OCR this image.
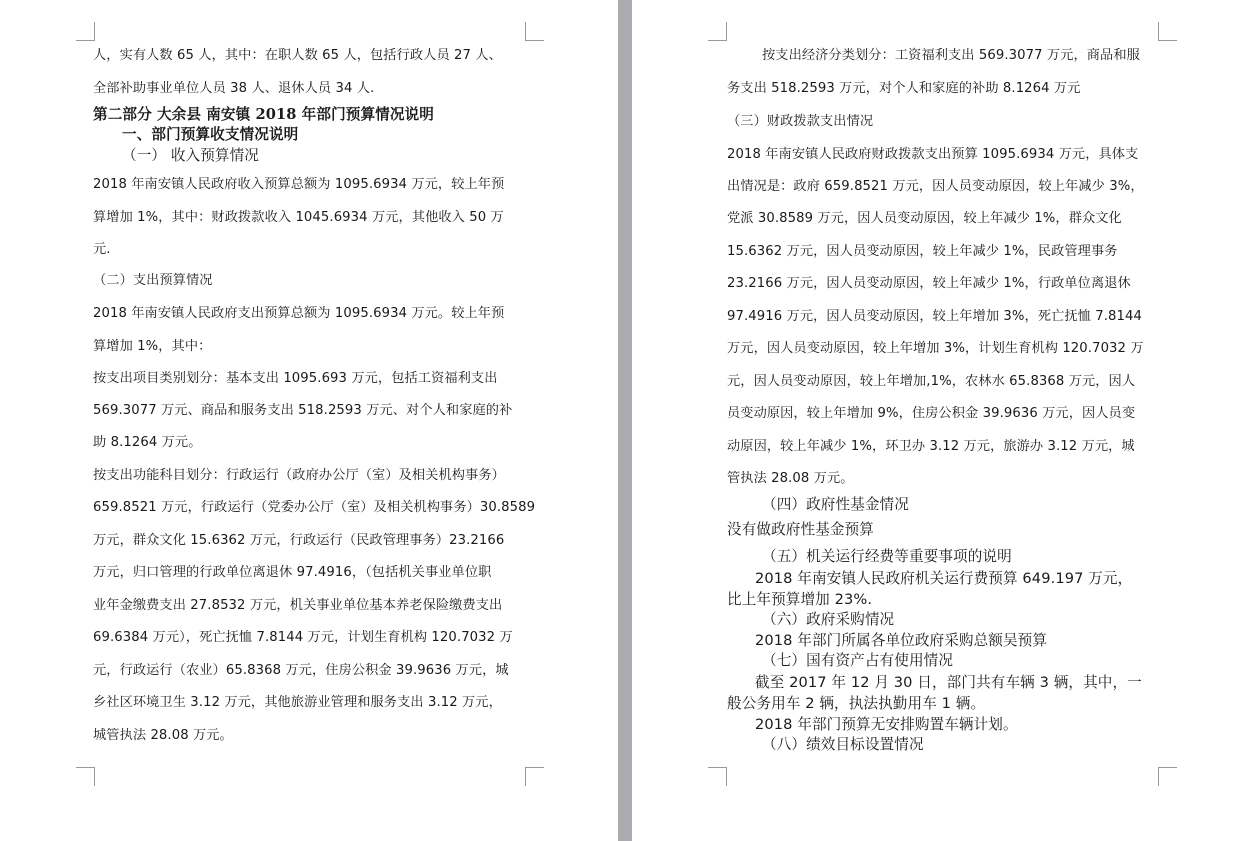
人，实有人数 65 人，其中：在职人数 65 人，包括行政人员 27 人、
全部补助事业单位人员 38 人、退休人员 34 人.
第二部分 大余县 南安镇 2018 年部门预算情况说明
一、部门预算收支情况说明
（一） 收入预算情况
2018 年南安镇人民政府收入预算总额为 1095.6934 万元，较上年预
算增加 1%，其中：财政拨款收入 1045.6934 万元，其他收入 50 万
元.
（二）支出预算情况
2018 年南安镇人民政府支出预算总额为 1095.6934 万元。较上年预
算增加 1%，其中：
按支出项目类别划分：基本支出 1095.693 万元，包括工资福利支出
569.3077 万元、商品和服务支出 518.2593 万元、对个人和家庭的补
助 8.1264 万元。
按支出功能科目划分：行政运行（政府办公厅（室）及相关机构事务）
659.8521 万元，行政运行（党委办公厅（室）及相关机构事务）30.8589
万元，群众文化 15.6362 万元，行政运行（民政管理事务）23.2166
万元，归口管理的行政单位离退休 97.4916，（包括机关事业单位职
业年金缴费支出 27.8532 万元，机关事业单位基本养老保险缴费支出
69.6384 万元），死亡抚恤 7.8144 万元，计划生育机构 120.7032 万
元，行政运行（农业）65.8368 万元，住房公积金 39.9636 万元，城
乡社区环境卫生 3.12 万元，其他旅游业管理和服务支出 3.12 万元，
城管执法 28.08 万元。
按支出经济分类划分：工资福利支出 569.3077 万元，商品和服
务支出 518.2593 万元，对个人和家庭的补助 8.1264 万元
（三）财政拨款支出情况
2018 年南安镇人民政府财政拨款支出预算 1095.6934 万元，具体支
出情况是：政府 659.8521 万元，因人员变动原因，较上年减少 3%，
党派 30.8589 万元，因人员变动原因，较上年减少 1%，群众文化
15.6362 万元，因人员变动原因，较上年减少 1%，民政管理事务
23.2166 万元，因人员变动原因，较上年减少 1%，行政单位离退休
97.4916 万元，因人员变动原因，较上年增加 3%，死亡抚恤 7.8144
万元，因人员变动原因，较上年增加 3%，计划生育机构 120.7032 万
元，因人员变动原因，较上年增加,1%，农林水 65.8368 万元，因人
员变动原因，较上年增加 9%，住房公积金 39.9636 万元，因人员变
动原因，较上年减少 1%，环卫办 3.12 万元，旅游办 3.12 万元，城
管执法 28.08 万元。
（四）政府性基金情况
没有做政府性基金预算
（五）机关运行经费等重要事项的说明
2018 年南安镇人民政府机关运行费预算 649.197 万元，
比上年预算增加 23%.
（六）政府采购情况
2018 年部门所属各单位政府采购总额吴预算
（七）国有资产占有使用情况
截至 2017 年 12 月 30 日，部门共有车辆 3 辆，其中，一
般公务用车 2 辆，执法执勤用车 1 辆。
2018 年部门预算无安排购置车辆计划。
（八）绩效目标设置情况
